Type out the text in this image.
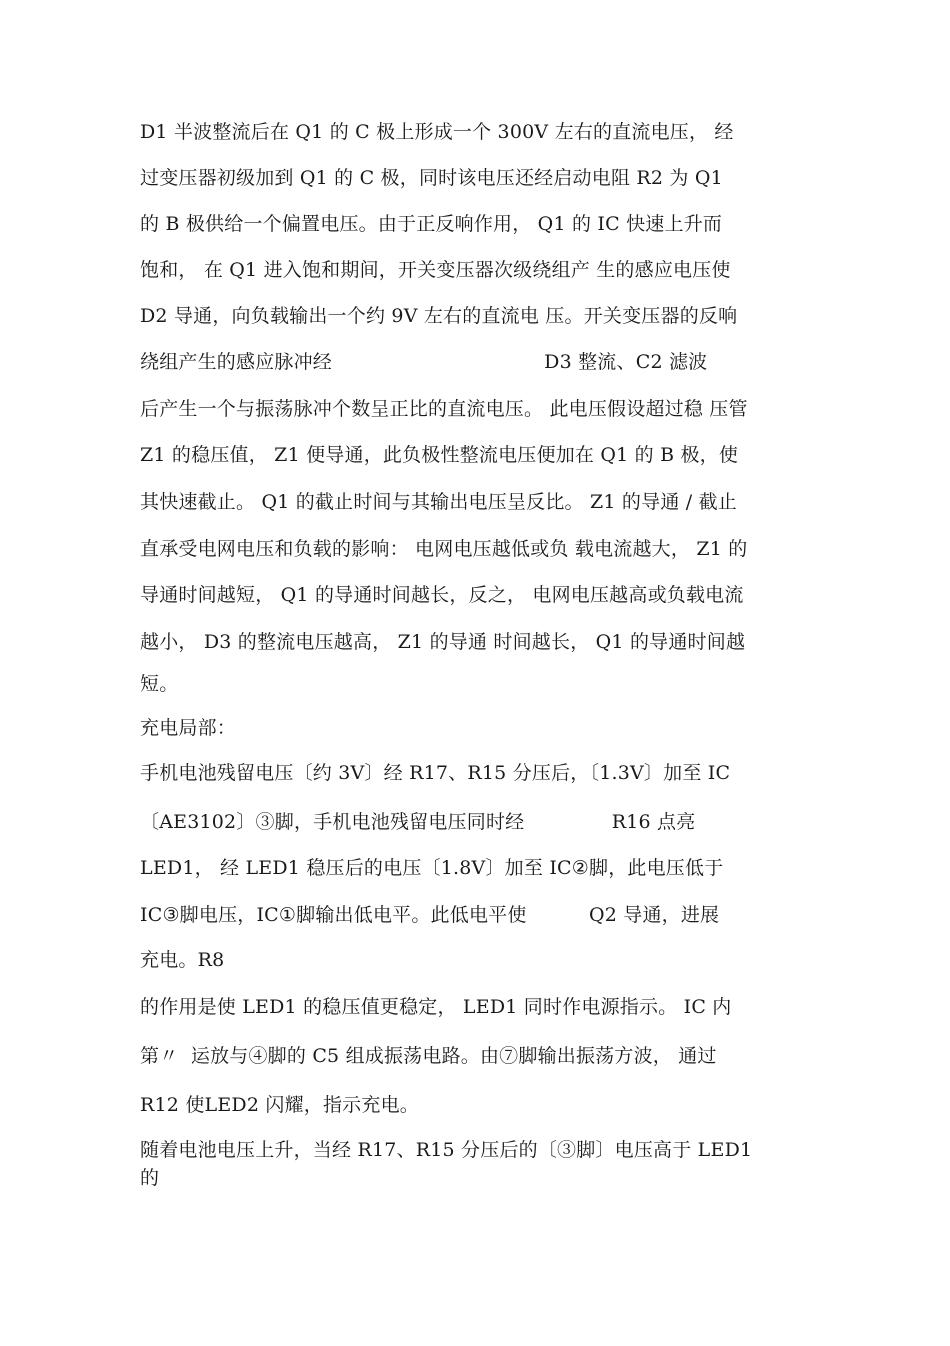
D1 半波整流后在 Q1 的 C 极上形成一个 300V 左右的直流电压， 经
过变压器初级加到 Q1 的 C 极，同时该电压还经启动电阻 R2 为 Q1
的 B 极供给一个偏置电压。由于正反响作用， Q1 的 IC 快速上升而
饱和， 在 Q1 进入饱和期间，开关变压器次级绕组产 生的感应电压使
D2 导通，向负载输出一个约 9V 左右的直流电 压。开关变压器的反响
绕组产生的感应脉冲经                                  D3 整流、C2 滤波
后产生一个与振荡脉冲个数呈正比的直流电压。 此电压假设超过稳 压管
Z1 的稳压值， Z1 便导通，此负极性整流电压便加在 Q1 的 B 极，使
其快速截止。 Q1 的截止时间与其输出电压呈反比。 Z1 的导通 / 截止
直承受电网电压和负载的影响： 电网电压越低或负 载电流越大， Z1 的
导通时间越短， Q1 的导通时间越长，反之， 电网电压越高或负载电流
越小， D3 的整流电压越高， Z1 的导通 时间越长， Q1 的导通时间越
短。
充电局部：
手机电池残留电压〔约 3V〕经 R17、R15 分压后，〔1.3V〕加至 IC
〔AE3102〕③脚，手机电池残留电压同时经              R16 点亮
LED1， 经 LED1 稳压后的电压〔1.8V〕加至 IC②脚，此电压低于
IC③脚电压，IC①脚输出低电平。此低电平使          Q2 导通，进展
充电。R8
的作用是使 LED1 的稳压值更稳定， LED1 同时作电源指示。 IC 内
第〃  运放与④脚的 C5 组成振荡电路。由⑦脚输出振荡方波， 通过
R12 使LED2 闪耀，指示充电。
随着电池电压上升，当经 R17、R15 分压后的〔③脚〕电压高于 LED1
的
